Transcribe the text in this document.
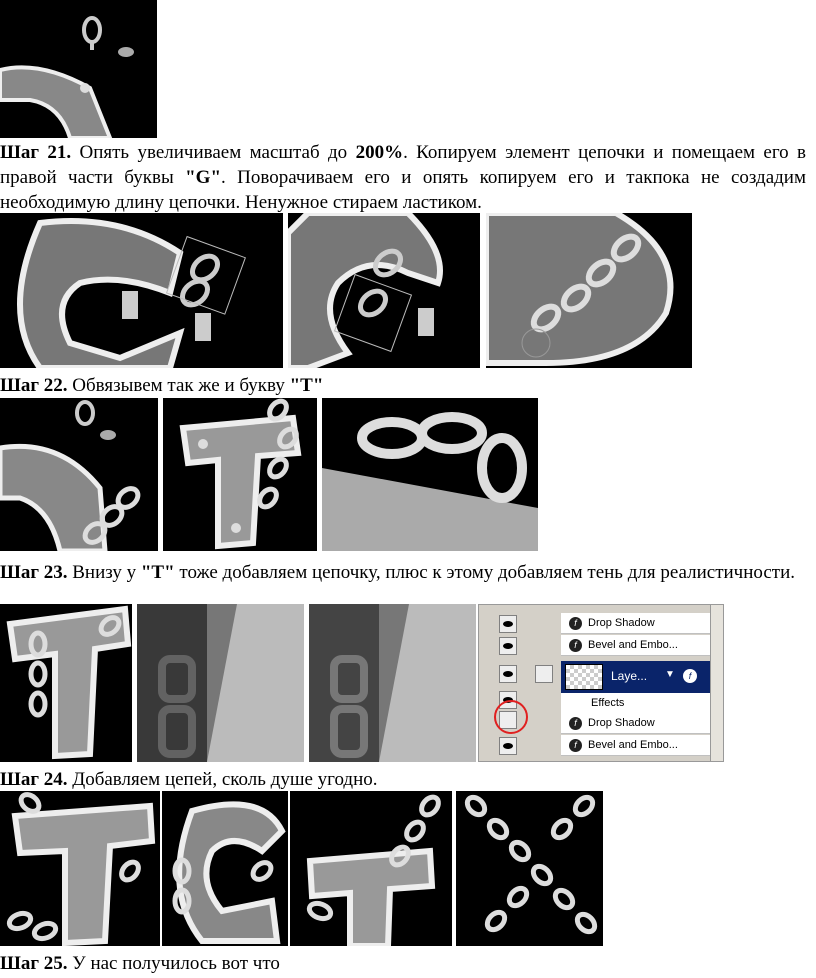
Шаг 21. Опять увеличиваем масштаб до 200%. Копируем элемент цепочки и помещаем его в правой части буквы "G". Поворачиваем его и опять копируем его и такпока не создадим необходимую длину цепочки. Ненужное стираем ластиком.
Шаг 22. Обвязывем так же и букву "T"
Шаг 23. Внизу у "T" тоже добавляем цепочку, плюс к этому добавляем тень для реалистичности.
f Drop Shadow
f Bevel and Embo...
Laye... ▼	f
Effects
f Drop Shadow
f Bevel and Embo...
Шаг 24. Добавляем цепей, сколь душе угодно.
Шаг 25. У нас получилось вот что
